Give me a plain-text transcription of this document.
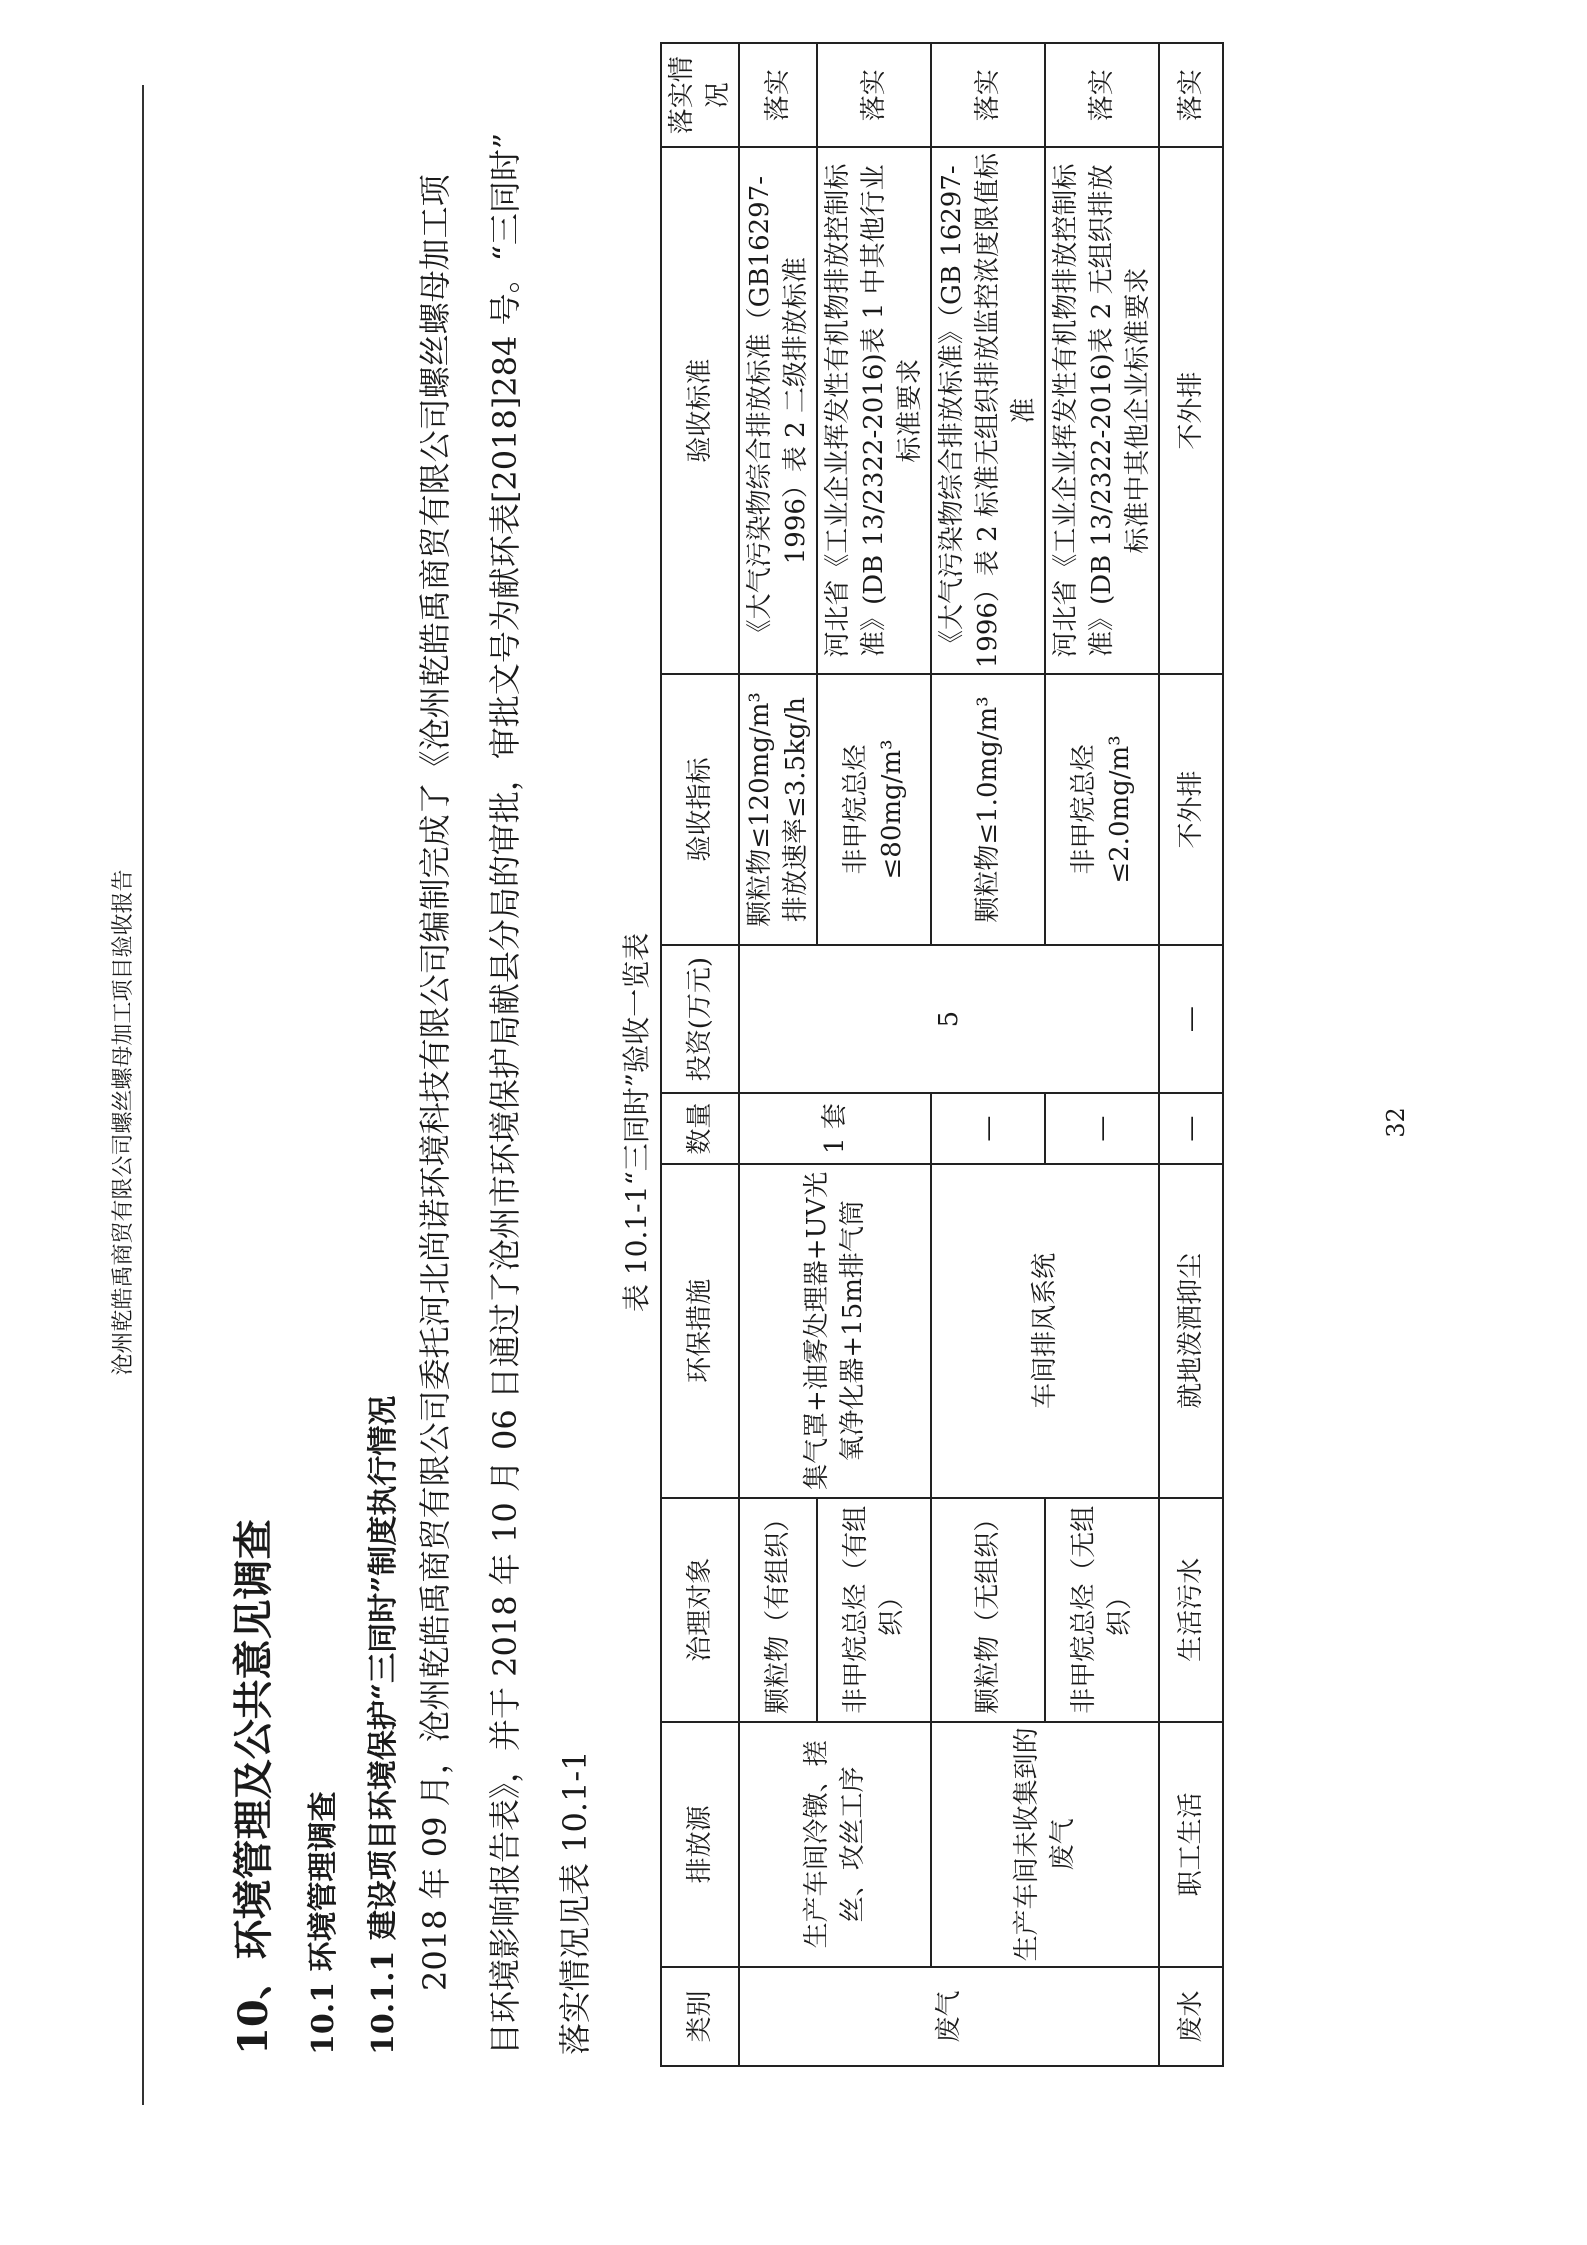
沧州乾皓禹商贸有限公司螺丝螺母加工项目验收报告
10、环境管理及公共意见调查 10.1 环境管理调查 10.1.1 建设项目环境保护“三同时”制度执行情况 2018 年 09 月，沧州乾皓禹商贸有限公司委托河北尚诺环境科技有限公司编制完成了《沧州乾皓禹商贸有限公司螺丝螺母加工项	目环境影响报告表》，并于 2018 年 10 月 06 日通过了沧州市环境保护局献县分局的审批，审批文号为献环表[2018]284 号。“三同时”	落实情况见表 10.1-1
表 10.1-1“三同时”验收一览表
类别	排放源	治理对象	环保措施	数量	投资(万元)	验收指标	验收标准	落实情况
废气	生产车间冷镦、搓丝、攻丝工序	颗粒物（有组织）	集气罩+油雾处理器+UV光氧净化器+15m排气筒	1 套	5	颗粒物≤120mg/m³ 排放速率≤3.5kg/h	《大气污染物综合排放标准（GB16297-1996）表 2 二级排放标准	落实
		非甲烷总烃（有组织）				非甲烷总烃≤80mg/m³	河北省《工业企业挥发性有机物排放控制标准》(DB 13/2322-2016)表 1 中其他行业标准要求	落实
	生产车间未收集到的废气	颗粒物（无组织）	车间排风系统	—		颗粒物≤1.0mg/m³	《大气污染物综合排放标准》（GB 16297-1996）表 2 标准无组织排放监控浓度限值标准	落实
		非甲烷总烃（无组织）		—		非甲烷总烃≤2.0mg/m³	河北省《工业企业挥发性有机物排放控制标准》(DB 13/2322-2016)表 2 无组织排放标准中其他企业标准要求	落实
废水	职工生活	生活污水	就地泼洒抑尘	—	—	不外排	不外排	落实
32
